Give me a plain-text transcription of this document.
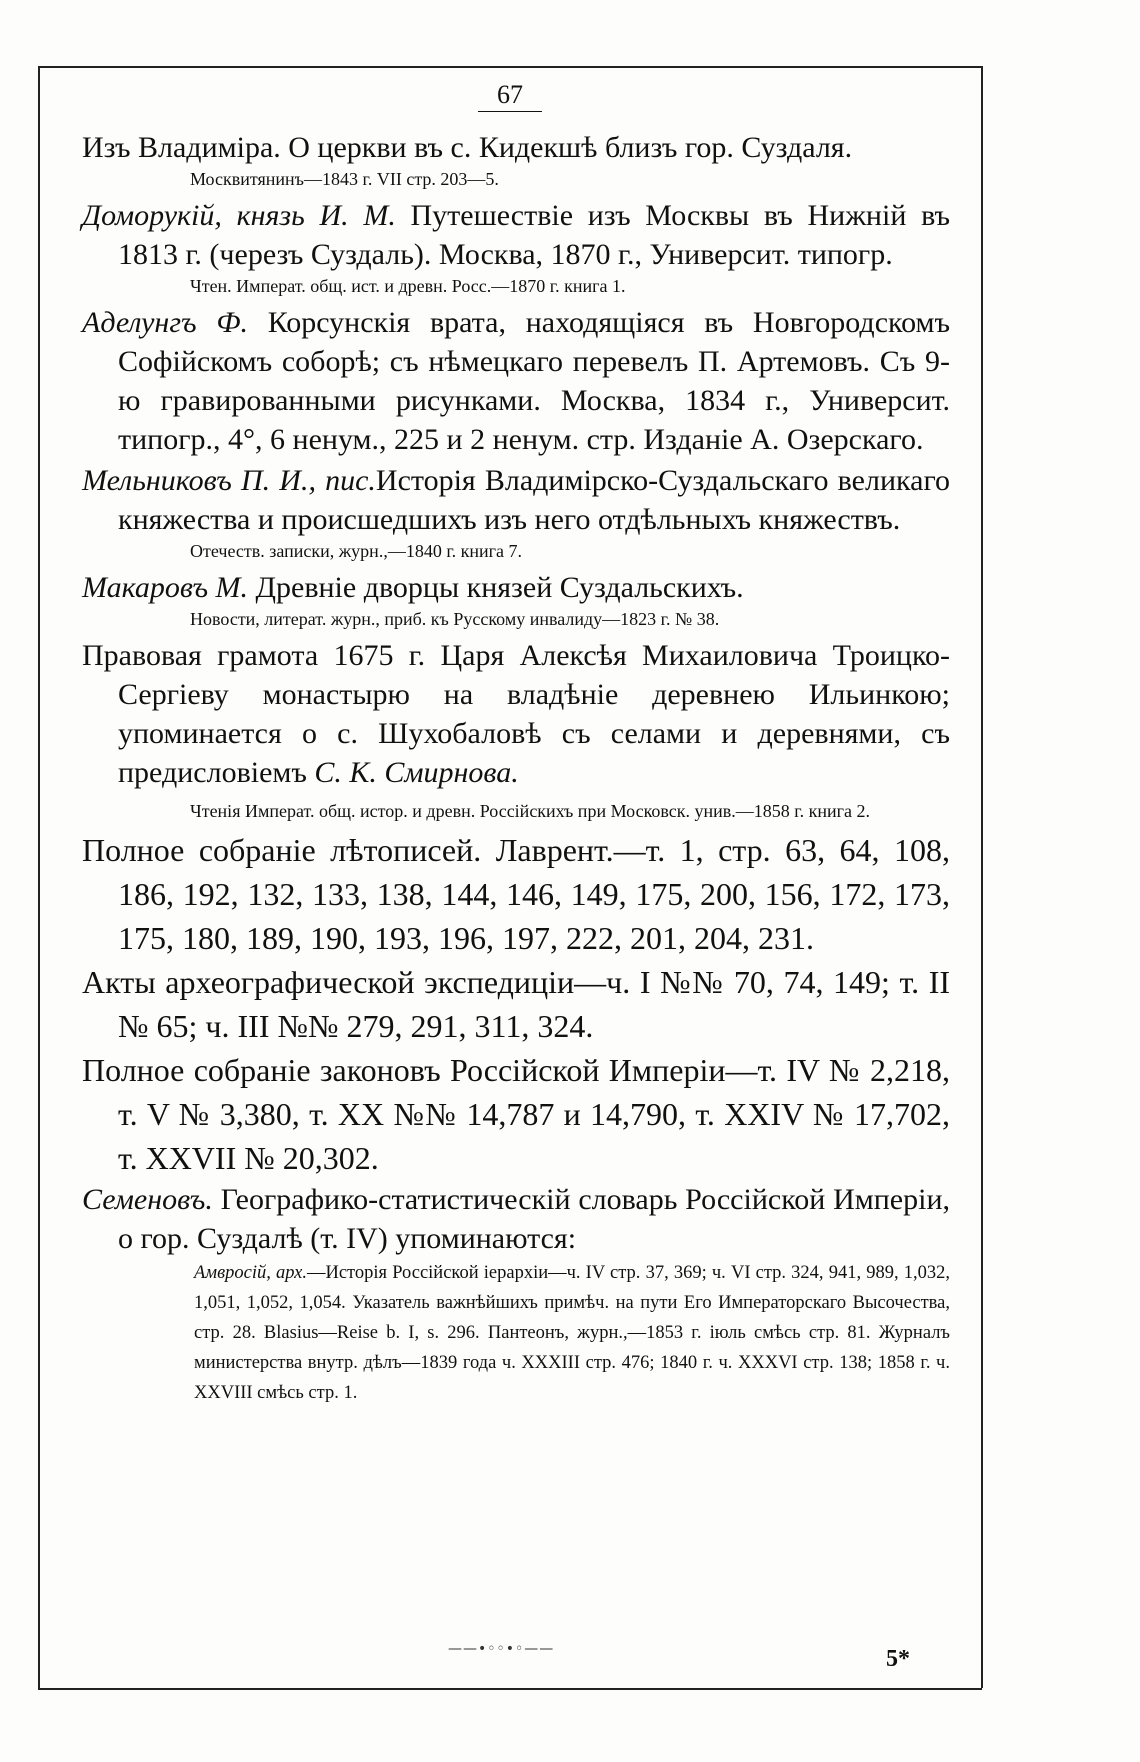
67
Изъ Владиміра. О церкви въ с. Кидекшѣ близъ гор. Суздаля.
Москвитянинъ—1843 г. VII стр. 203—5.
Доморукій, князь И. М. Путешествіе изъ Москвы въ Нижній въ 1813 г. (черезъ Суздаль). Москва, 1870 г., Университ. типогр.
Чтен. Императ. общ. ист. и древн. Росс.—1870 г. книга 1.
Аделунгъ Ф. Корсунскія врата, находящіяся въ Новгородскомъ Софійскомъ соборѣ; съ нѣмецкаго перевелъ П. Артемовъ. Съ 9-ю гравированными рисунками. Москва, 1834 г., Университ. типогр., 4°, 6 ненум., 225 и 2 ненум. стр. Изданіе А. Озерскаго.
Мельниковъ П. И., пис.Исторія Владимірско-Суздальскаго великаго княжества и происшедшихъ изъ него отдѣльныхъ княжествъ.
Отечеств. записки, журн.,—1840 г. книга 7.
Макаровъ М. Древніе дворцы князей Суздальскихъ.
Новости, литерат. журн., приб. къ Русскому инвалиду—1823 г. № 38.
Правовая грамота 1675 г. Царя Алексѣя Михаиловича Троицко-Сергіеву монастырю на владѣніе деревнею Ильинкою; упоминается о с. Шухобаловѣ съ селами и деревнями, съ предисловіемъ С. К. Смирнова.
Чтенія Императ. общ. истор. и древн. Россійскихъ при Московск. унив.—1858 г. книга 2.
Полное собраніе лѣтописей. Лаврент.—т. 1, стр. 63, 64, 108, 186, 192, 132, 133, 138, 144, 146, 149, 175, 200, 156, 172, 173, 175, 180, 189, 190, 193, 196, 197, 222, 201, 204, 231.
Акты археографической экспедиціи—ч. I №№ 70, 74, 149; т. II № 65; ч. III №№ 279, 291, 311, 324.
Полное собраніе законовъ Россійской Имперіи—т. IV № 2,218, т. V № 3,380, т. XX №№ 14,787 и 14,790, т. XXIV № 17,702, т. XXVII № 20,302.
Семеновъ. Географико-статистическій словарь Россійской Имперіи, о гор. Суздалѣ (т. IV) упоминаются:
Амвросій, арх.—Исторія Россійской іерархіи—ч. IV стр. 37, 369; ч. VI стр. 324, 941, 989, 1,032, 1,051, 1,052, 1,054. Указатель важнѣйшихъ примѣч. на пути Его Императорскаго Высочества, стр. 28. Blasius—Reise b. I, s. 296. Пантеонъ, журн.,—1853 г. іюль смѣсь стр. 81. Журналъ министерства внутр. дѣлъ—1839 года ч. XXXIII стр. 476; 1840 г. ч. XXXVI стр. 138; 1858 г. ч. XXVIII смѣсь стр. 1.
——•◦◦•◦——	5*
